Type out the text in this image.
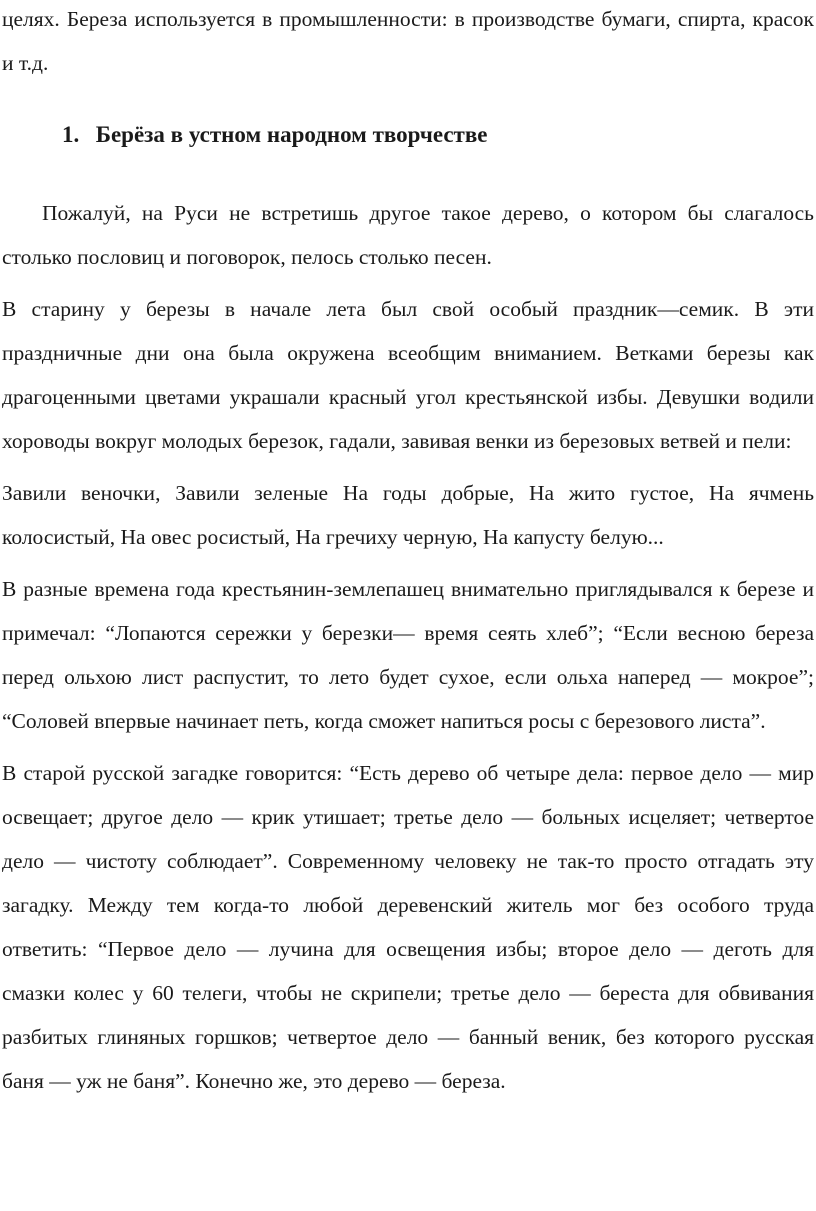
целях. Береза используется в промышленности: в производстве бумаги, спирта, красок и т.д.

1. Берёза в устном народном творчестве

Пожалуй, на Руси не встретишь другое такое дерево, о котором бы слагалось столько пословиц и поговорок, пелось столько песен.

В старину у березы в начале лета был свой особый праздник—семик. В эти праздничные дни она была окружена всеобщим вниманием. Ветками березы как драгоценными цветами украшали красный угол крестьянской избы. Девушки водили хороводы вокруг молодых березок, гадали, завивая венки из березовых ветвей и пели:

Завили веночки, Завили зеленые На годы добрые, На жито густое, На ячмень колосистый, На овес росистый, На гречиху черную, На капусту белую...

В разные времена года крестьянин-землепашец внимательно приглядывался к березе и примечал: “Лопаются сережки у березки— время сеять хлеб”; “Если весною береза перед ольхою лист распустит, то лето будет сухое, если ольха наперед — мокрое”; “Соловей впервые начинает петь, когда сможет напиться росы с березового листа”.

В старой русской загадке говорится: “Есть дерево об четыре дела: первое дело — мир освещает; другое дело — крик утишает; третье дело — больных исцеляет; четвертое дело — чистоту соблюдает”. Современному человеку не так-то просто отгадать эту загадку. Между тем когда-то любой деревенский житель мог без особого труда ответить: “Первое дело — лучина для освещения избы; второе дело — деготь для смазки колес у 60 телеги, чтобы не скрипели; третье дело — береста для обвивания разбитых глиняных горшков; четвертое дело — банный веник, без которого русская баня — уж не баня”. Конечно же, это дерево — береза.
